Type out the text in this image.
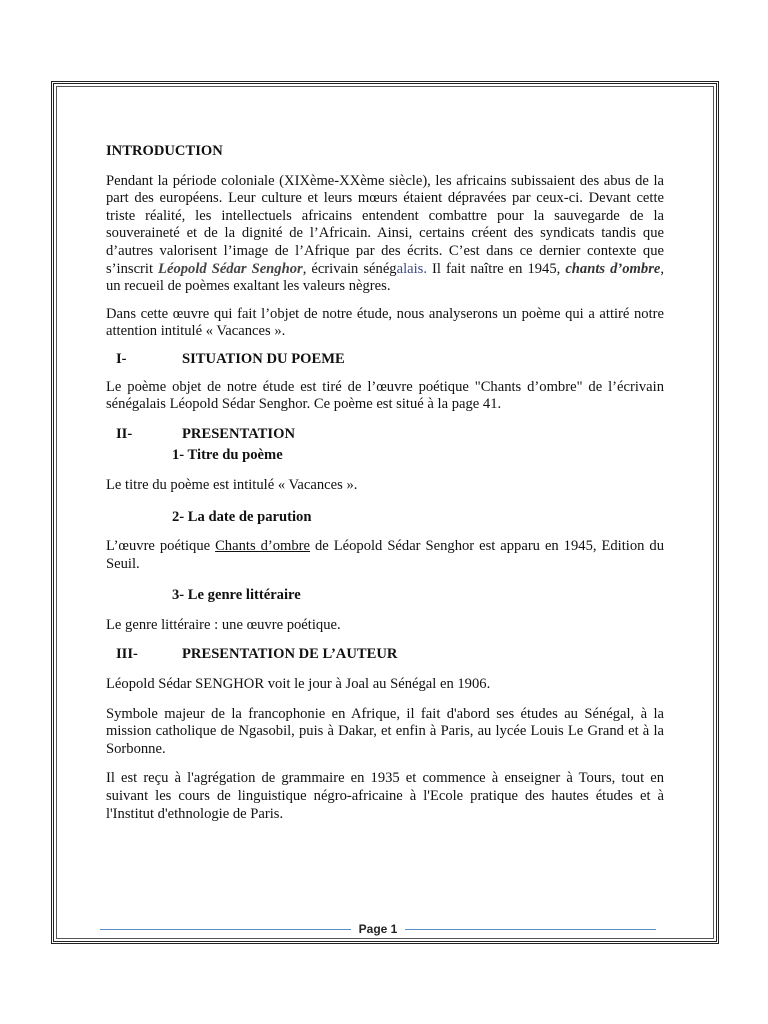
INTRODUCTION

Pendant la période coloniale (XIXème-XXème siècle), les africains subissaient des abus de la part des européens. Leur culture et leurs mœurs étaient dépravées par ceux-ci. Devant cette triste réalité, les intellectuels africains entendent combattre pour la sauvegarde de la souveraineté et de la dignité de l’Africain. Ainsi, certains créent des syndicats tandis que d’autres valorisent l’image de l’Afrique par des écrits. C’est dans ce dernier contexte que s’inscrit Léopold Sédar Senghor, écrivain sénégalais. Il fait naître en 1945, chants d’ombre, un recueil de poèmes exaltant les valeurs nègres.

Dans cette œuvre qui fait l’objet de notre étude, nous analyserons un poème qui a attiré notre attention intitulé « Vacances ».

I-	SITUATION DU POEME

Le poème objet de notre étude est tiré de l’œuvre poétique "Chants d’ombre" de l’écrivain sénégalais Léopold Sédar Senghor. Ce poème est situé à la page 41.

II-	PRESENTATION

1- Titre du poème

Le titre du poème est intitulé « Vacances ».

2- La date de parution

L’œuvre poétique Chants d’ombre de Léopold Sédar Senghor est apparu en 1945, Edition du Seuil.

3- Le genre littéraire

Le genre littéraire : une œuvre poétique.

III-	PRESENTATION DE L’AUTEUR

Léopold Sédar SENGHOR voit le jour à Joal au Sénégal en 1906.

Symbole majeur de la francophonie en Afrique, il fait d'abord ses études au Sénégal, à la mission catholique de Ngasobil, puis à Dakar, et enfin à Paris, au lycée Louis Le Grand et à la Sorbonne.

Il est reçu à l'agrégation de grammaire en 1935 et commence à enseigner à Tours, tout en suivant les cours de linguistique négro-africaine à l'Ecole pratique des hautes études et à l'Institut d'ethnologie de Paris.

Page 1
